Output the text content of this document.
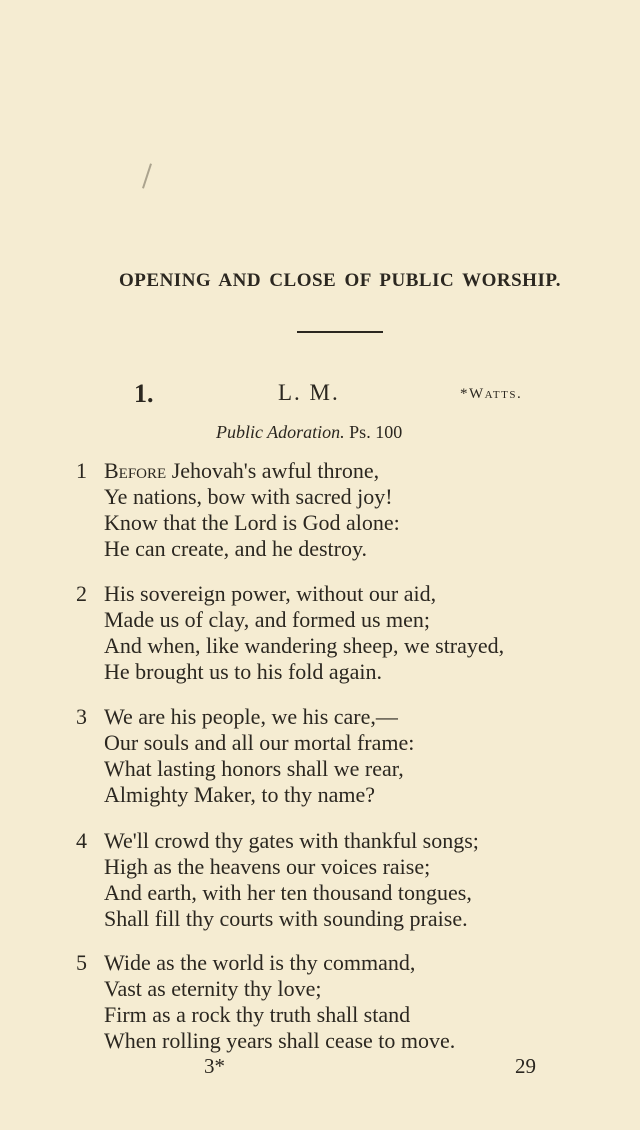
OPENING AND CLOSE OF PUBLIC WORSHIP.
1.	L. M.	*Watts.
Public Adoration. Ps. 100
1 Before Jehovah's awful throne,
Ye nations, bow with sacred joy!
Know that the Lord is God alone:
He can create, and he destroy.
2 His sovereign power, without our aid,
Made us of clay, and formed us men;
And when, like wandering sheep, we strayed,
He brought us to his fold again.
3 We are his people, we his care,—
Our souls and all our mortal frame:
What lasting honors shall we rear,
Almighty Maker, to thy name?
4 We'll crowd thy gates with thankful songs;
High as the heavens our voices raise;
And earth, with her ten thousand tongues,
Shall fill thy courts with sounding praise.
5 Wide as the world is thy command,
Vast as eternity thy love;
Firm as a rock thy truth shall stand
When rolling years shall cease to move.
3*	29
